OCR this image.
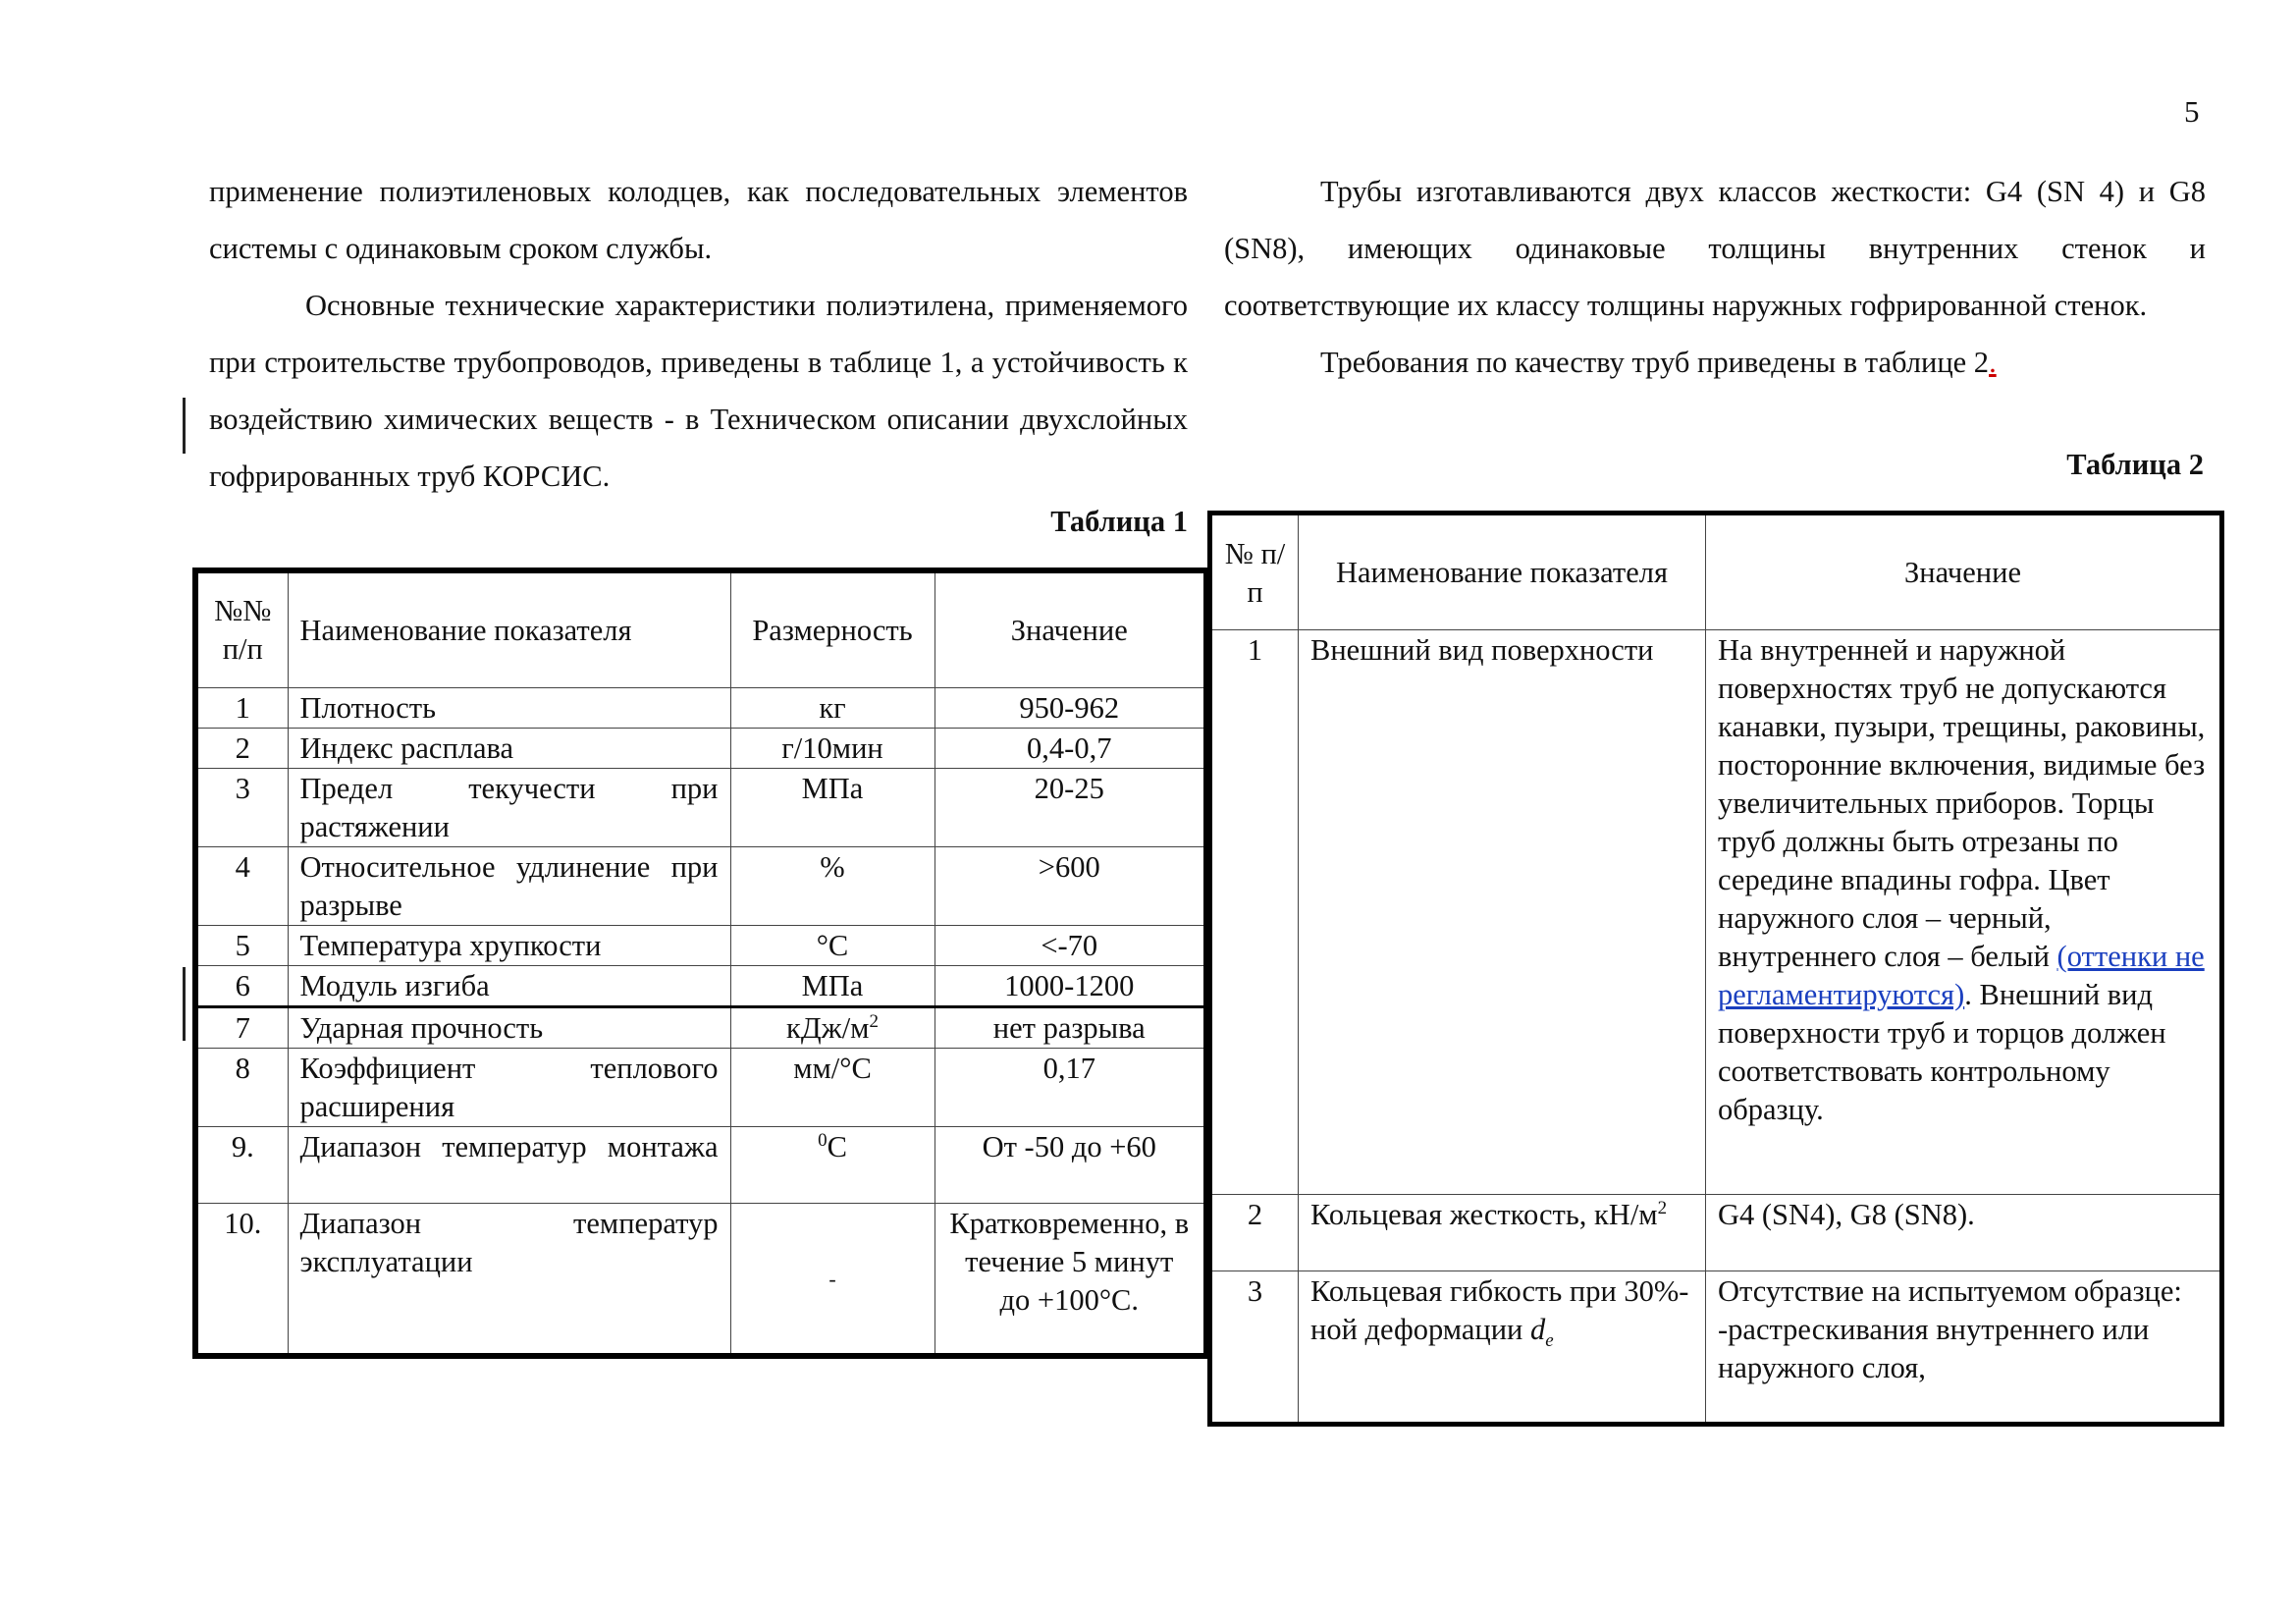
5

применение полиэтиленовых колодцев, как последовательных элементов системы с одинаковым сроком службы.

Основные технические характеристики полиэтилена, применяемого при строительстве трубопроводов, приведены в таблице 1, а устойчивость к воздействию химических веществ - в Техническом описании двухслойных гофрированных труб КОРСИС.

Трубы изготавливаются двух классов жесткости: G4 (SN 4) и G8 (SN8), имеющих одинаковые толщины внутренних стенок и соответствующие их классу толщины наружных гофрированной стенок.

Требования по качеству труб приведены в таблице 2.

Таблица 1
№№ п/п	Наименование показателя	Размерность	Значение
1	Плотность	кг	950-962
2	Индекс расплава	г/10мин	0,4-0,7
3	Предел текучести при растяжении	МПа	20-25
4	Относительное удлинение при разрыве	%	>600
5	Температура хрупкости	°С	<-70
6	Модуль изгиба	МПа	1000-1200
7	Ударная прочность	кДж/$м^2$	нет разрыва
8	Коэффициент теплового расширения	мм/°С	0,17
9.	Диапазон температур монтажа	$^0$С	От -50 до +60
10.	Диапазон температур эксплуатации	-	Кратковременно, в течение 5 минут до +100°С.
Таблица 2
№ п/п	Наименование показателя	Значение
1	Внешний вид поверхности	На внутренней и наружной поверхностях труб не допускаются канавки, пузыри, трещины, раковины, посторонние включения, видимые без увеличительных приборов. Торцы труб должны быть отрезаны по середине впадины гофра. Цвет наружного слоя – черный, внутреннего слоя – белый (оттенки не регламентируются). Внешний вид поверхности труб и торцов должен соответствовать контрольному образцу.
2	Кольцевая жесткость, $кН/м^2$	G4 (SN4), G8 (SN8).
3	Кольцевая гибкость при 30%-ной деформации $d_e$	Отсутствие на испытуемом образце: -растрескивания внутреннего или наружного слоя,
